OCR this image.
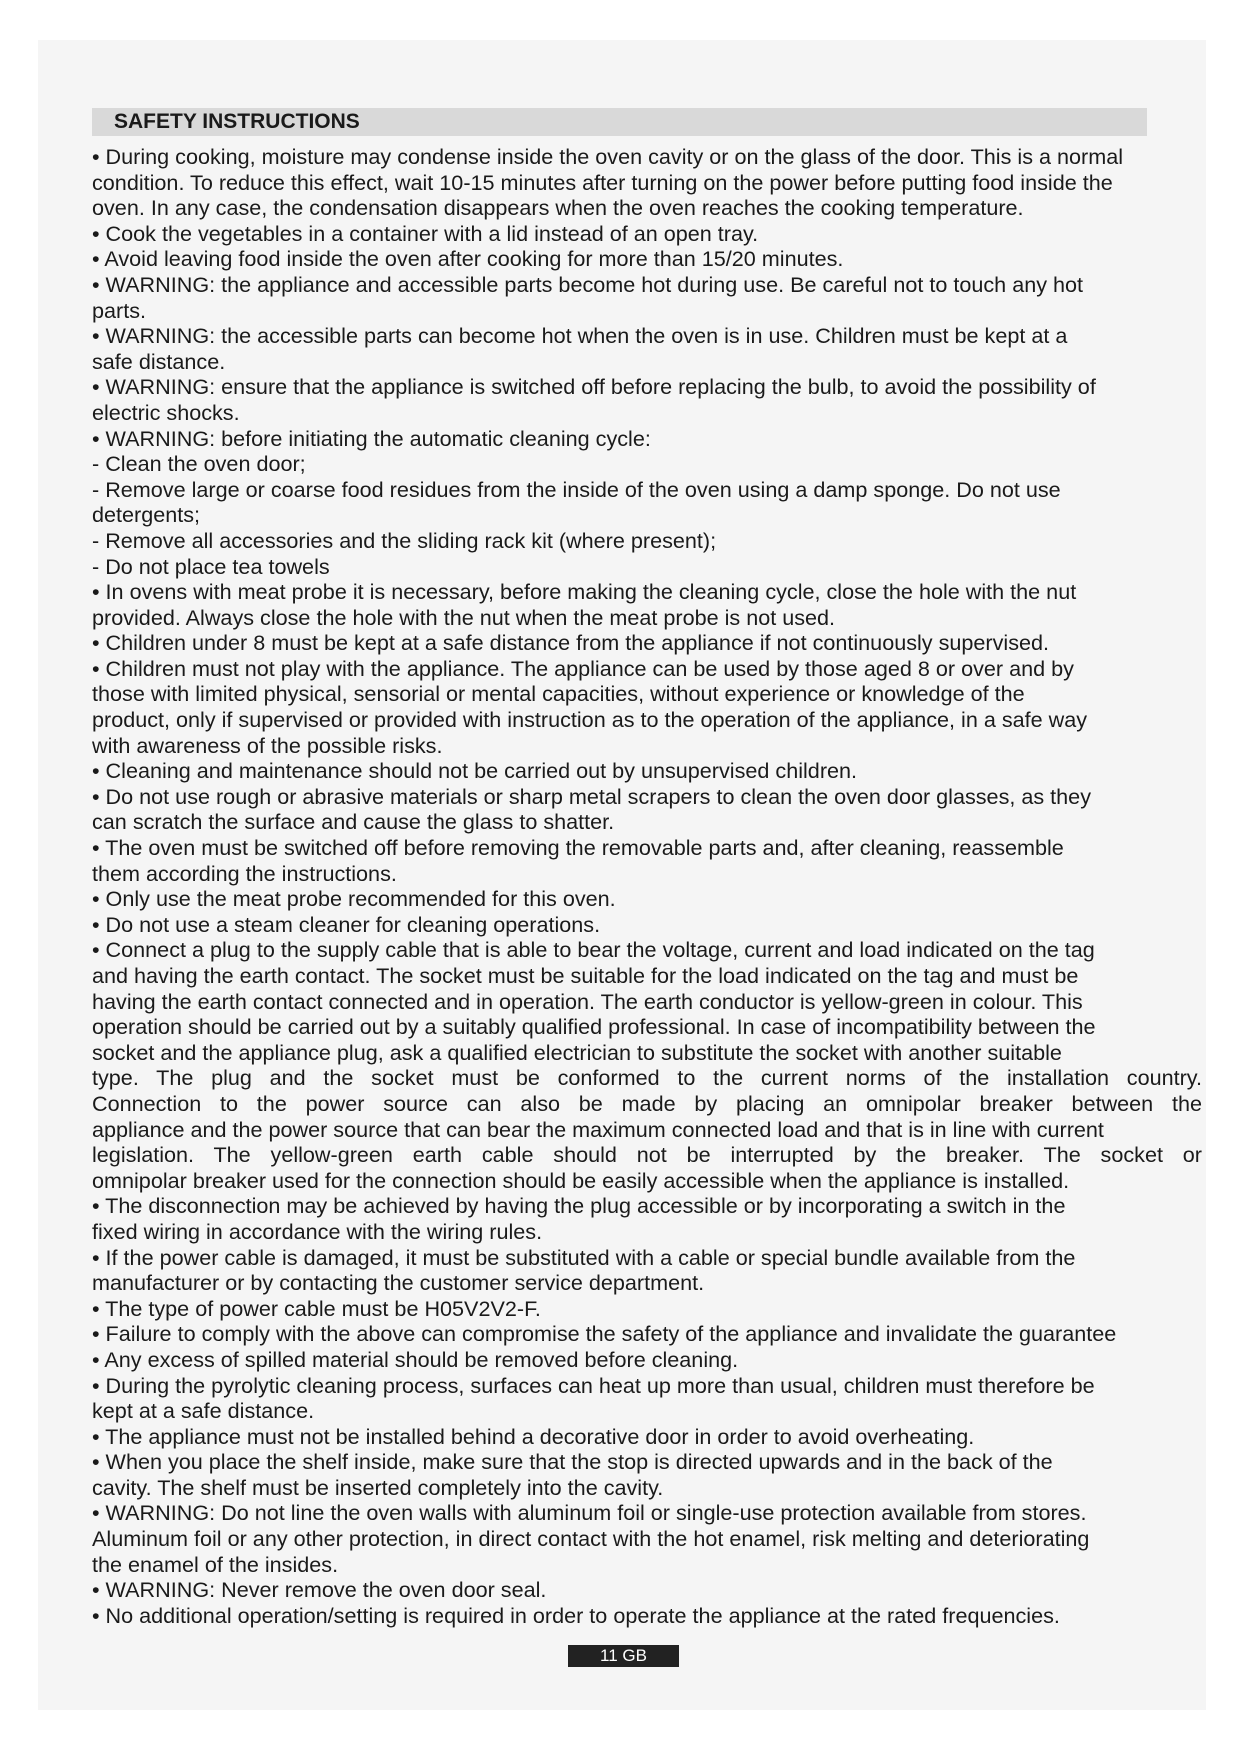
SAFETY INSTRUCTIONS
• During cooking, moisture may condense inside the oven cavity or on the glass of the door. This is a normal
condition. To reduce this effect, wait 10-15 minutes after turning on the power before putting food inside the
oven. In any case, the condensation disappears when the oven reaches the cooking temperature.
• Cook the vegetables in a container with a lid instead of an open tray.
• Avoid leaving food inside the oven after cooking for more than 15/20 minutes.
• WARNING: the appliance and accessible parts become hot during use. Be careful not to touch any hot
parts.
• WARNING: the accessible parts can become hot when the oven is in use. Children must be kept at a
safe distance.
• WARNING: ensure that the appliance is switched off before replacing the bulb, to avoid the possibility of
electric shocks.
• WARNING: before initiating the automatic cleaning cycle:
- Clean the oven door;
- Remove large or coarse food residues from the inside of the oven using a damp sponge. Do not use
detergents;
- Remove all accessories and the sliding rack kit (where present);
- Do not place tea towels
• In ovens with meat probe it is necessary, before making the cleaning cycle, close the hole with the nut
provided. Always close the hole with the nut when the meat probe is not used.
• Children under 8 must be kept at a safe distance from the appliance if not continuously supervised.
• Children must not play with the appliance. The appliance can be used by those aged 8 or over and by
those with limited physical, sensorial or mental capacities, without experience or knowledge of the
product, only if supervised or provided with instruction as to the operation of the appliance, in a safe way
with awareness of the possible risks.
• Cleaning and maintenance should not be carried out by unsupervised children.
• Do not use rough or abrasive materials or sharp metal scrapers to clean the oven door glasses, as they
can scratch the surface and cause the glass to shatter.
• The oven must be switched off before removing the removable parts and, after cleaning, reassemble
them according the instructions.
• Only use the meat probe recommended for this oven.
• Do not use a steam cleaner for cleaning operations.
• Connect a plug to the supply cable that is able to bear the voltage, current and load indicated on the tag
and having the earth contact. The socket must be suitable for the load indicated on the tag and must be
having the earth contact connected and in operation. The earth conductor is yellow-green in colour. This
operation should be carried out by a suitably qualified professional. In case of incompatibility between the
socket and the appliance plug, ask a qualified electrician to substitute the socket with another suitable
type. The plug and the socket must be conformed to the current norms of the installation country.
Connection to the power source can also be made by placing an omnipolar breaker between the
appliance and the power source that can bear the maximum connected load and that is in line with current
legislation. The yellow-green earth cable should not be interrupted by the breaker. The socket or
omnipolar breaker used for the connection should be easily accessible when the appliance is installed.
• The disconnection may be achieved by having the plug accessible or by incorporating a switch in the
fixed wiring in accordance with the wiring rules.
• If the power cable is damaged, it must be substituted with a cable or special bundle available from the
manufacturer or by contacting the customer service department.
• The type of power cable must be H05V2V2-F.
• Failure to comply with the above can compromise the safety of the appliance and invalidate the guarantee
• Any excess of spilled material should be removed before cleaning.
• During the pyrolytic cleaning process, surfaces can heat up more than usual, children must therefore be
kept at a safe distance.
• The appliance must not be installed behind a decorative door in order to avoid overheating.
• When you place the shelf inside, make sure that the stop is directed upwards and in the back of the
cavity. The shelf must be inserted completely into the cavity.
• WARNING: Do not line the oven walls with aluminum foil or single-use protection available from stores.
Aluminum foil or any other protection, in direct contact with the hot enamel, risk melting and deteriorating
the enamel of the insides.
• WARNING: Never remove the oven door seal.
• No additional operation/setting is required in order to operate the appliance at the rated frequencies.
11 GB
